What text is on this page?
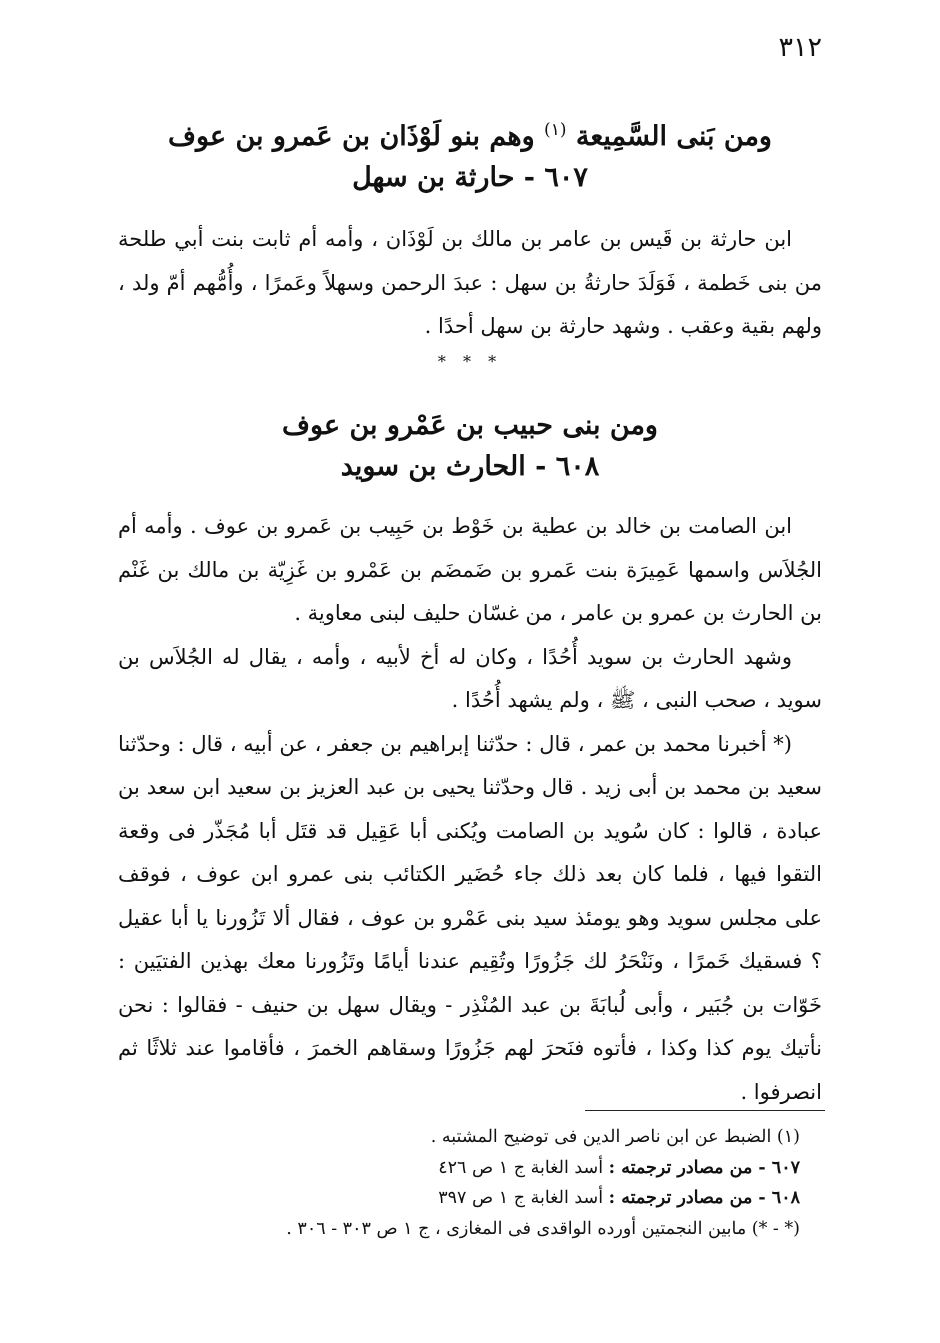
٣١٢
ومن بَنى السَّمِيعة $^{(١)}$ وهم بنو لَوْذَان بن عَمرو بن عوف
٦٠٧ - حارثة بن سهل

ابن حارثة بن قَيس بن عامر بن مالك بن لَوْذَان ، وأمه أم ثابت بنت أبي طلحة من بنى خَطمة ، فَوَلَدَ حارثةُ بن سهل : عبدَ الرحمن وسهلاً وعَمرًا ، وأُمُّهم أمّ ولد ، ولهم بقية وعقب . وشهد حارثة بن سهل أحدًا .

* * *
ومن بنى حبيب بن عَمْرو بن عوف
٦٠٨ - الحارث بن سويد

ابن الصامت بن خالد بن عطية بن خَوْط بن حَبِيب بن عَمرو بن عوف . وأمه أم الجُلاَس واسمها عَمِيرَة بنت عَمرو بن ضَمضَم بن عَمْرو بن غَزِيّة بن مالك بن غَنْم بن الحارث بن عمرو بن عامر ، من غسّان حليف لبنى معاوية .

وشهد الحارث بن سويد أُحُدًا ، وكان له أخ لأبيه ، وأمه ، يقال له الجُلاَس بن سويد ، صحب النبى ، ﷺ ، ولم يشهد أُحُدًا .

(* أخبرنا محمد بن عمر ، قال : حدّثنا إبراهيم بن جعفر ، عن أبيه ، قال : وحدّثنا سعيد بن محمد بن أبى زيد . قال وحدّثنا يحيى بن عبد العزيز بن سعيد ابن سعد بن عبادة ، قالوا : كان سُويد بن الصامت ويُكنى أبا عَقِيل قد قتَل أبا مُجَذّر فى وقعة التقوا فيها ، فلما كان بعد ذلك جاء حُضَير الكتائب بنى عمرو ابن عوف ، فوقف على مجلس سويد وهو يومئذ سيد بنى عَمْرو بن عوف ، فقال ألا تَزُورنا يا أبا عقيل ؟ فسقيك خَمرًا ، ونَنْحَرُ لك جَزُورًا وتُقِيم عندنا أيامًا وتَزُورنا معك بهذين الفتيَين : خَوّات بن جُبَير ، وأبى لُبابَةَ بن عبد المُنْذِر - ويقال سهل بن حنيف - فقالوا : نحن نأتيك يوم كذا وكذا ، فأتوه فنَحرَ لهم جَزُورًا وسقاهم الخمرَ ، فأقاموا عند ثلاثًا ثم انصرفوا .

(١) الضبط عن ابن ناصر الدين فى توضيح المشتبه .
٦٠٧ - من مصادر ترجمته : أسد الغابة ج ١ ص ٤٢٦
٦٠٨ - من مصادر ترجمته : أسد الغابة ج ١ ص ٣٩٧
(* - *) مابين النجمتين أورده الواقدى فى المغازى ، ج ١ ص ٣٠٣ - ٣٠٦ .
